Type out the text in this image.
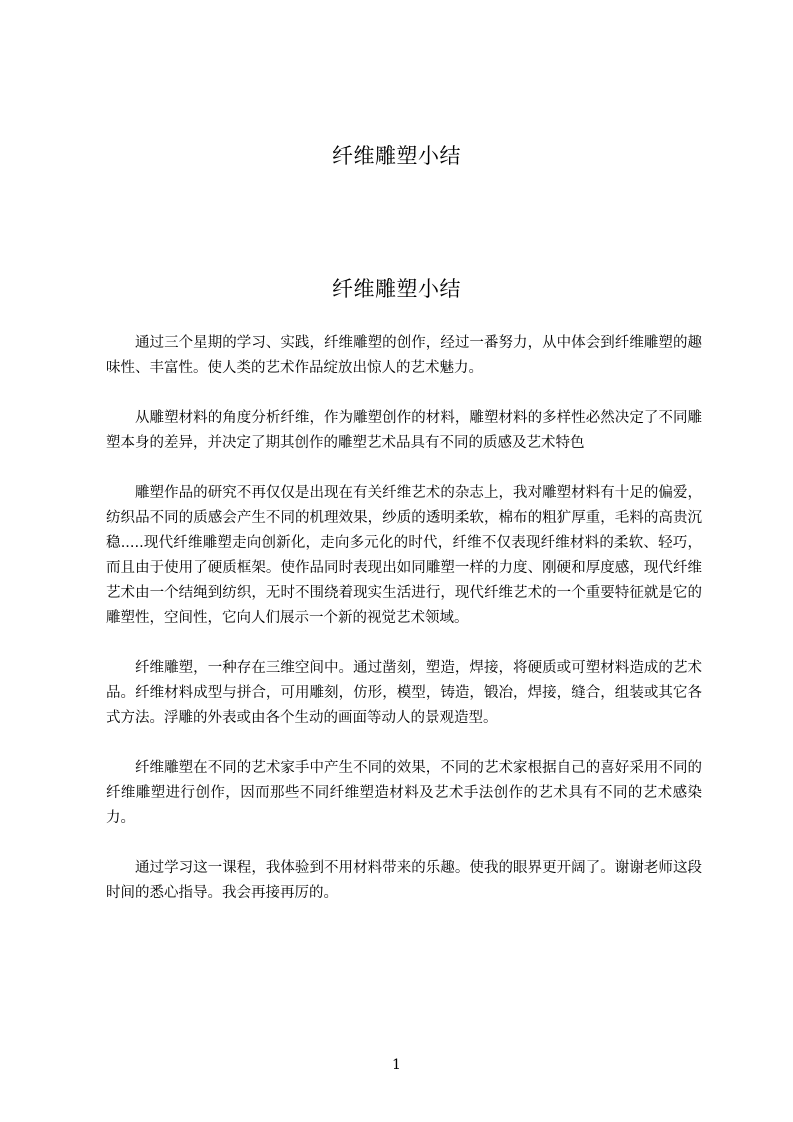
纤维雕塑小结
纤维雕塑小结

通过三个星期的学习、实践，纤维雕塑的创作，经过一番努力，从中体会到纤维雕塑的趣味性、丰富性。使人类的艺术作品绽放出惊人的艺术魅力。

从雕塑材料的角度分析纤维，作为雕塑创作的材料，雕塑材料的多样性必然决定了不同雕塑本身的差异，并决定了期其创作的雕塑艺术品具有不同的质感及艺术特色

雕塑作品的研究不再仅仅是出现在有关纤维艺术的杂志上，我对雕塑材料有十足的偏爱，纺织品不同的质感会产生不同的机理效果，纱质的透明柔软，棉布的粗犷厚重，毛料的高贵沉稳.....现代纤维雕塑走向创新化，走向多元化的时代，纤维不仅表现纤维材料的柔软、轻巧，而且由于使用了硬质框架。使作品同时表现出如同雕塑一样的力度、刚硬和厚度感，现代纤维艺术由一个结绳到纺织，无时不围绕着现实生活进行，现代纤维艺术的一个重要特征就是它的雕塑性，空间性，它向人们展示一个新的视觉艺术领域。

纤维雕塑，一种存在三维空间中。通过凿刻，塑造，焊接，将硬质或可塑材料造成的艺术品。纤维材料成型与拼合，可用雕刻，仿形，模型，铸造，锻冶，焊接，缝合，组装或其它各式方法。浮雕的外表或由各个生动的画面等动人的景观造型。

纤维雕塑在不同的艺术家手中产生不同的效果，不同的艺术家根据自己的喜好采用不同的纤维雕塑进行创作，因而那些不同纤维塑造材料及艺术手法创作的艺术具有不同的艺术感染力。

通过学习这一课程，我体验到不用材料带来的乐趣。使我的眼界更开阔了。谢谢老师这段时间的悉心指导。我会再接再厉的。

1
